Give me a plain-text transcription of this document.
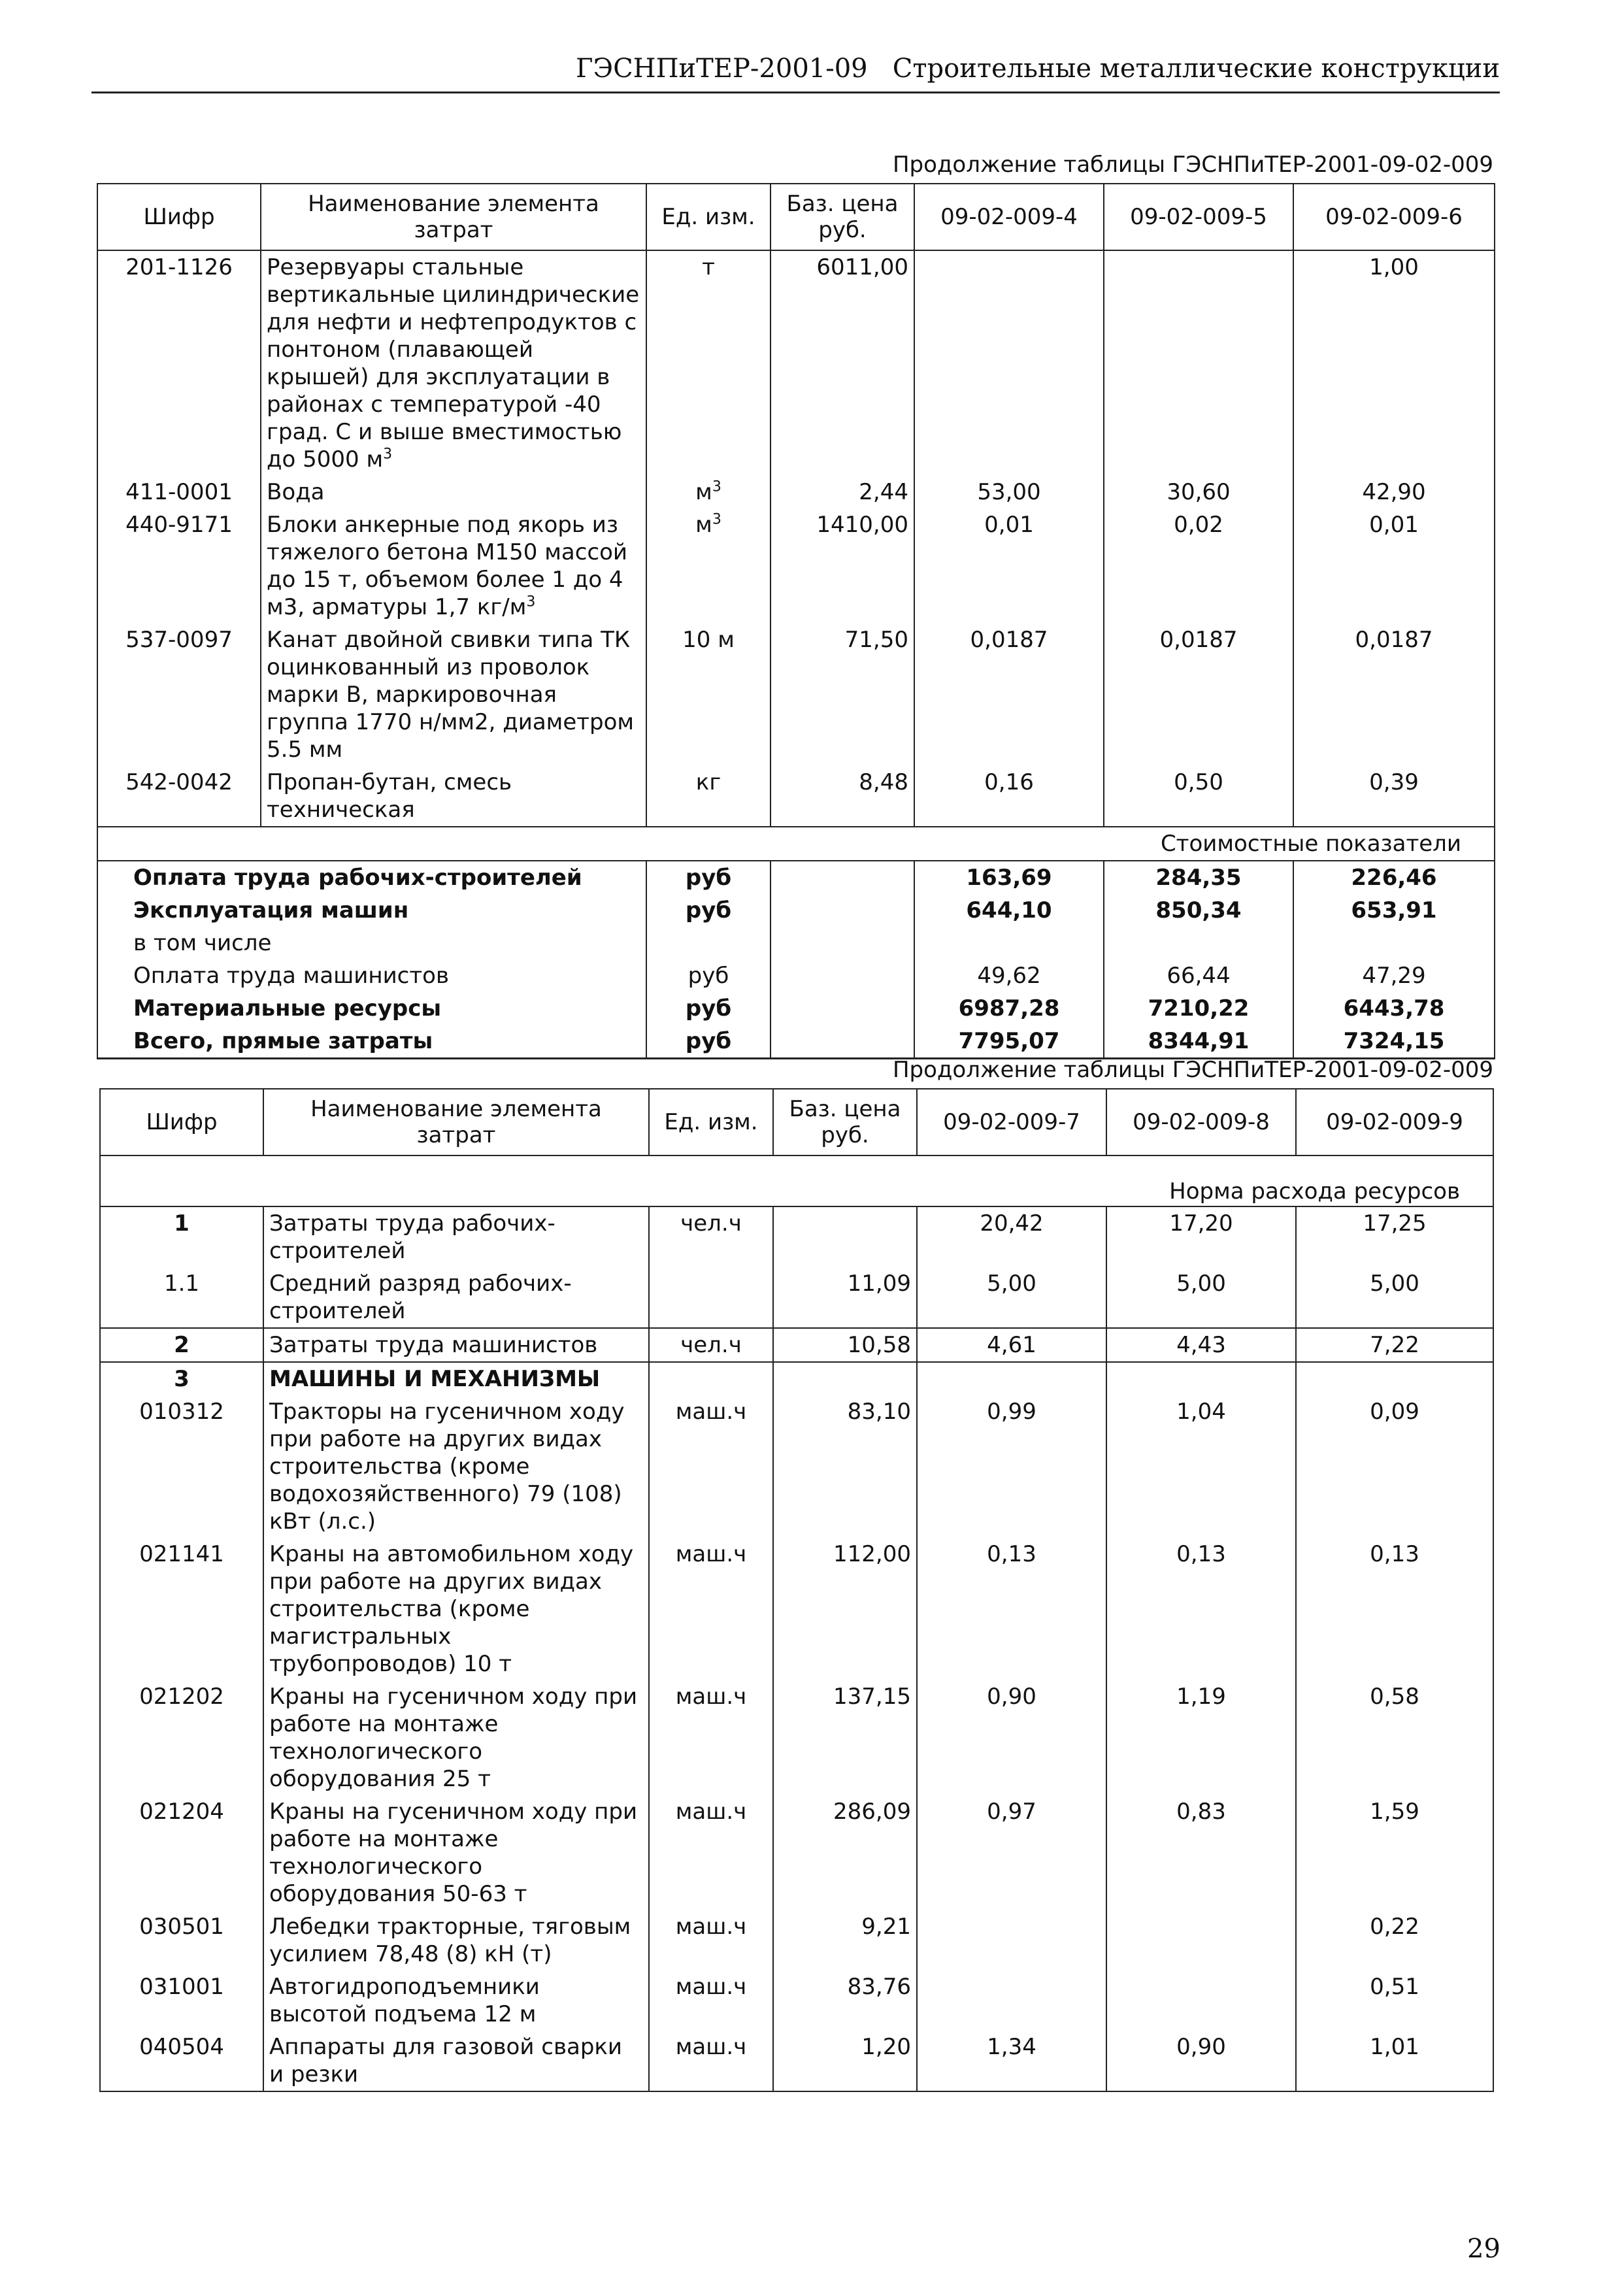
ГЭСНПиТЕР-2001-09 Строительные металлические конструкции
Продолжение таблицы ГЭСНПиТЕР-2001-09-02-009
Шифр	Наименование элемента затрат	Ед. изм.	Баз. цена руб.	09-02-009-4	09-02-009-5	09-02-009-6
201-1126	Резервуары стальные вертикальные цилиндрические для нефти и нефтепродуктов с понтоном (плавающей крышей) для эксплуатации в районах с температурой -40 град. С и выше вместимостью до 5000 $м^3$	т	6011,00			1,00
411-0001	Вода	$м^3$	2,44	53,00	30,60	42,90
440-9171	Блоки анкерные под якорь из тяжелого бетона М150 массой до 15 т, объемом более 1 до 4 м3, арматуры 1,7 $кг/м^3$	$м^3$	1410,00	0,01	0,02	0,01
537-0097	Канат двойной свивки типа ТК оцинкованный из проволок марки В, маркировочная группа 1770 н/мм2, диаметром 5.5 мм	10 м	71,50	0,0187	0,0187	0,0187
542-0042	Пропан-бутан, смесь техническая	кг	8,48	0,16	0,50	0,39
Стоимостные показатели						
Оплата труда рабочих-строителей		руб		163,69	284,35	226,46
Эксплуатация машин		руб		644,10	850,34	653,91
в том числе						
Оплата труда машинистов		руб		49,62	66,44	47,29
Материальные ресурсы		руб		6987,28	7210,22	6443,78
Всего, прямые затраты		руб		7795,07	8344,91	7324,15
Продолжение таблицы ГЭСНПиТЕР-2001-09-02-009
Шифр	Наименование элемента затрат	Ед. изм.	Баз. цена руб.	09-02-009-7	09-02-009-8	09-02-009-9
Норма расхода ресурсов						
1	Затраты труда рабочих-строителей	чел.ч		20,42	17,20	17,25
1.1	Средний разряд рабочих-строителей		11,09	5,00	5,00	5,00
2	Затраты труда машинистов	чел.ч	10,58	4,61	4,43	7,22
3	МАШИНЫ И МЕХАНИЗМЫ					
010312	Тракторы на гусеничном ходу при работе на других видах строительства (кроме водохозяйственного) 79 (108) кВт (л.с.)	маш.ч	83,10	0,99	1,04	0,09
021141	Краны на автомобильном ходу при работе на других видах строительства (кроме магистральных трубопроводов) 10 т	маш.ч	112,00	0,13	0,13	0,13
021202	Краны на гусеничном ходу при работе на монтаже технологического оборудования 25 т	маш.ч	137,15	0,90	1,19	0,58
021204	Краны на гусеничном ходу при работе на монтаже технологического оборудования 50-63 т	маш.ч	286,09	0,97	0,83	1,59
030501	Лебедки тракторные, тяговым усилием 78,48 (8) кН (т)	маш.ч	9,21			0,22
031001	Автогидроподъемники высотой подъема 12 м	маш.ч	83,76			0,51
040504	Аппараты для газовой сварки и резки	маш.ч	1,20	1,34	0,90	1,01
29
